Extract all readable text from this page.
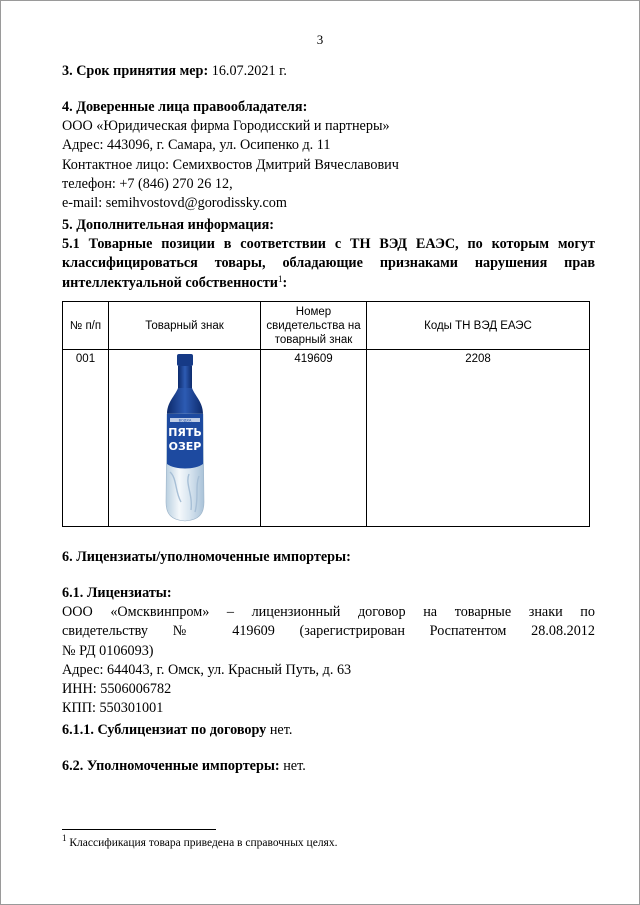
3
3. Срок принятия мер: 16.07.2021 г.
4. Доверенные лица правообладателя:
ООО «Юридическая фирма Городисский и партнеры»
Адрес: 443096, г. Самара, ул. Осипенко д. 11
Контактное лицо: Семихвостов Дмитрий Вячеславович
телефон: +7 (846) 270 26 12,
e-mail: semihvostovd@gorodissky.com
5. Дополнительная информация:
5.1 Товарные позиции в соответствии с ТН ВЭД ЕАЭС, по которым могут
классифицироваться товары, обладающие признаками нарушения прав
интеллектуальной собственности$^1$:
№ п/п	Товарный знак	Номер свидетельства на товарный знак	Коды ТН ВЭД ЕАЭС
001	ВОДКА
ПЯТЬ
ОЗЕР	419609	2208
6. Лицензиаты/уполномоченные импортеры:
6.1. Лицензиаты:
ООО «Омсквинпром» – лицензионный договор на товарные знаки по
свидетельству № 419609 (зарегистрирован Роспатентом 28.08.2012
№ РД 0106093)
Адрес: 644043, г. Омск, ул. Красный Путь, д. 63
ИНН: 5506006782
КПП: 550301001
6.1.1. Сублицензиат по договору нет.
6.2. Уполномоченные импортеры: нет.
$^1$ Классификация товара приведена в справочных целях.
